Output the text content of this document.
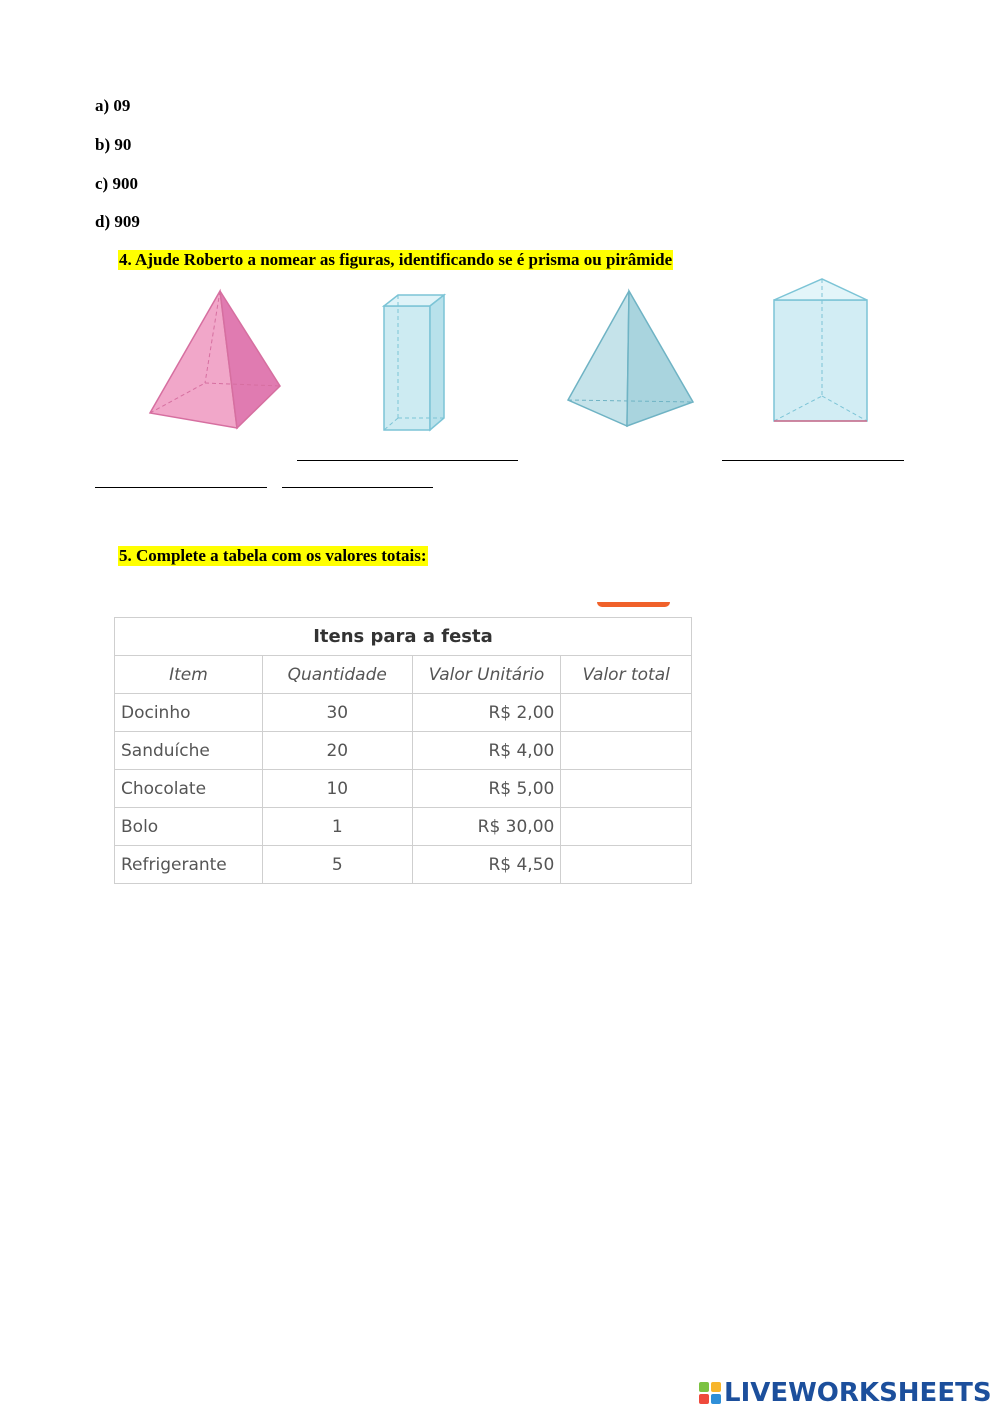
a) 09
b) 90
c) 900
d) 909
4. Ajude Roberto a nomear as figuras, identificando se é prisma ou pirâmide
5. Complete a tabela com os valores totais:
Itens para a festa			
Item	Quantidade	Valor Unitário	Valor total
Docinho	30	R$ 2,00	
Sanduíche	20	R$ 4,00	
Chocolate	10	R$ 5,00	
Bolo	1	R$ 30,00	
Refrigerante	5	R$ 4,50	
LIVEWORKSHEETS
